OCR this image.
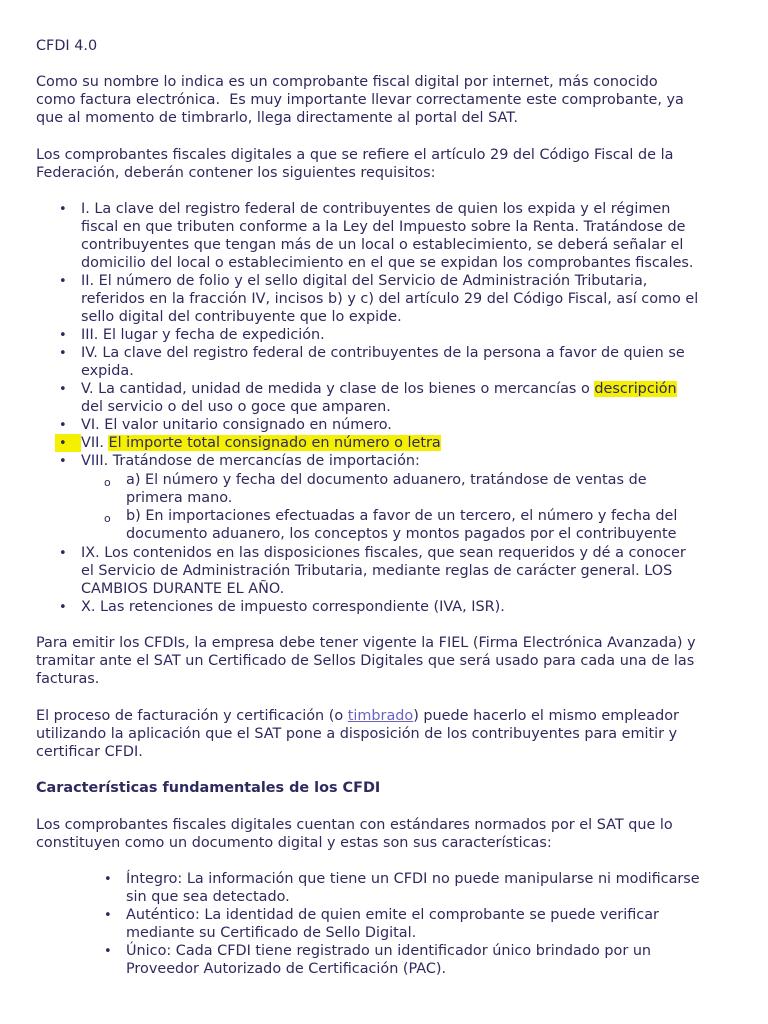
CFDI 4.0
Como su nombre lo indica es un comprobante fiscal digital por internet, más conocido
como factura electrónica.  Es muy importante llevar correctamente este comprobante, ya
que al momento de timbrarlo, llega directamente al portal del SAT.
Los comprobantes fiscales digitales a que se refiere el artículo 29 del Código Fiscal de la
Federación, deberán contener los siguientes requisitos:
• I. La clave del registro federal de contribuyentes de quien los expida y el régimen
fiscal en que tributen conforme a la Ley del Impuesto sobre la Renta. Tratándose de
contribuyentes que tengan más de un local o establecimiento, se deberá señalar el
domicilio del local o establecimiento en el que se expidan los comprobantes fiscales.
• II. El número de folio y el sello digital del Servicio de Administración Tributaria,
referidos en la fracción IV, incisos b) y c) del artículo 29 del Código Fiscal, así como el
sello digital del contribuyente que lo expide.
• III. El lugar y fecha de expedición.
• IV. La clave del registro federal de contribuyentes de la persona a favor de quien se
expida.
• V. La cantidad, unidad de medida y clase de los bienes o mercancías o descripción
del servicio o del uso o goce que amparen.
• VI. El valor unitario consignado en número.
• VII. El importe total consignado en número o letra
• VIII. Tratándose de mercancías de importación:
o a) El número y fecha del documento aduanero, tratándose de ventas de
primera mano.
o b) En importaciones efectuadas a favor de un tercero, el número y fecha del
documento aduanero, los conceptos y montos pagados por el contribuyente
• IX. Los contenidos en las disposiciones fiscales, que sean requeridos y dé a conocer
el Servicio de Administración Tributaria, mediante reglas de carácter general. LOS
CAMBIOS DURANTE EL AÑO.
• X. Las retenciones de impuesto correspondiente (IVA, ISR).
Para emitir los CFDIs, la empresa debe tener vigente la FIEL (Firma Electrónica Avanzada) y
tramitar ante el SAT un Certificado de Sellos Digitales que será usado para cada una de las
facturas.
El proceso de facturación y certificación (o timbrado) puede hacerlo el mismo empleador
utilizando la aplicación que el SAT pone a disposición de los contribuyentes para emitir y
certificar CFDI.
Características fundamentales de los CFDI
Los comprobantes fiscales digitales cuentan con estándares normados por el SAT que lo
constituyen como un documento digital y estas son sus características:
• Íntegro: La información que tiene un CFDI no puede manipularse ni modificarse
sin que sea detectado.
• Auténtico: La identidad de quien emite el comprobante se puede verificar
mediante su Certificado de Sello Digital.
• Único: Cada CFDI tiene registrado un identificador único brindado por un
Proveedor Autorizado de Certificación (PAC).
